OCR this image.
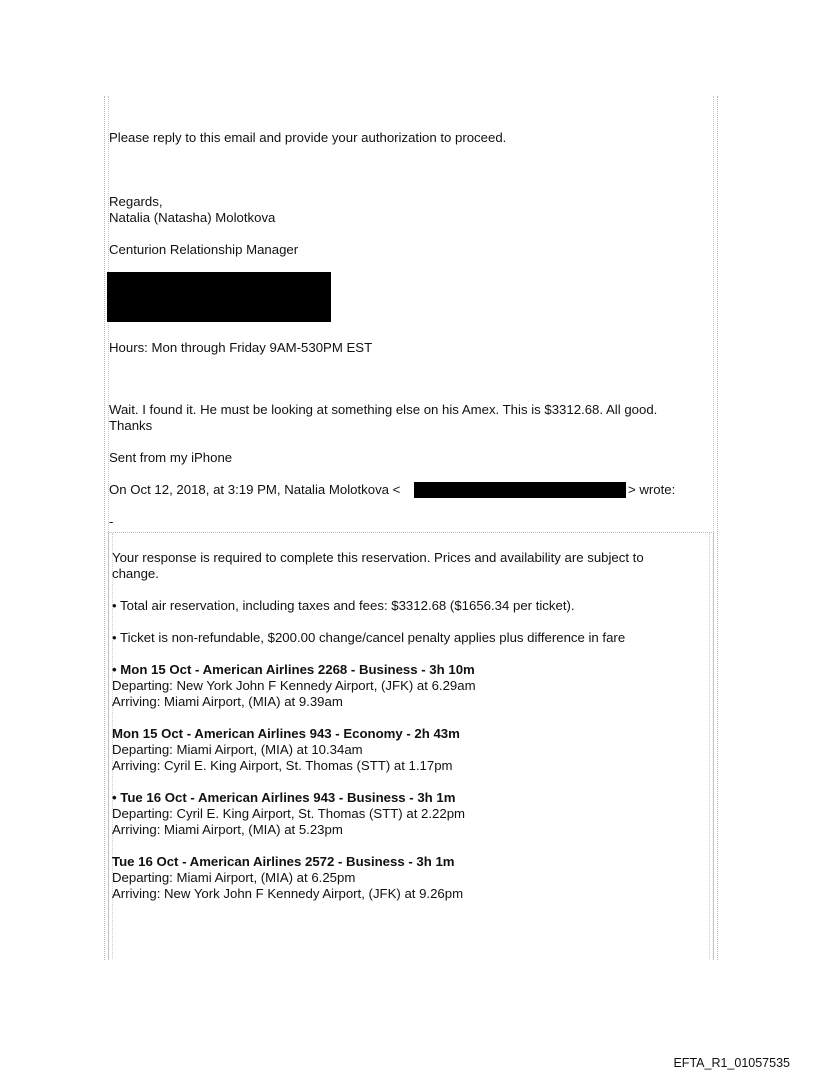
Please reply to this email and provide your authorization to proceed.

Regards,

Natalia (Natasha) Molotkova

Centurion Relationship Manager

Hours: Mon through Friday 9AM-530PM EST

Wait. I found it. He must be looking at something else on his Amex. This is $3312.68. All good.

Thanks

Sent from my iPhone

On Oct 12, 2018, at 3:19 PM, Natalia Molotkova <	> wrote:

-

Your response is required to complete this reservation. Prices and availability are subject to

change.

• Total air reservation, including taxes and fees: $3312.68 ($1656.34 per ticket).

• Ticket is non-refundable, $200.00 change/cancel penalty applies plus difference in fare

• Mon 15 Oct - American Airlines 2268 - Business - 3h 10m

Departing: New York John F Kennedy Airport, (JFK) at 6.29am

Arriving: Miami Airport, (MIA) at 9.39am

Mon 15 Oct - American Airlines 943 - Economy - 2h 43m

Departing: Miami Airport, (MIA) at 10.34am

Arriving: Cyril E. King Airport, St. Thomas (STT) at 1.17pm

• Tue 16 Oct - American Airlines 943 - Business - 3h 1m

Departing: Cyril E. King Airport, St. Thomas (STT) at 2.22pm

Arriving: Miami Airport, (MIA) at 5.23pm

Tue 16 Oct - American Airlines 2572 - Business - 3h 1m

Departing: Miami Airport, (MIA) at 6.25pm

Arriving: New York John F Kennedy Airport, (JFK) at 9.26pm

EFTA_R1_01057535
